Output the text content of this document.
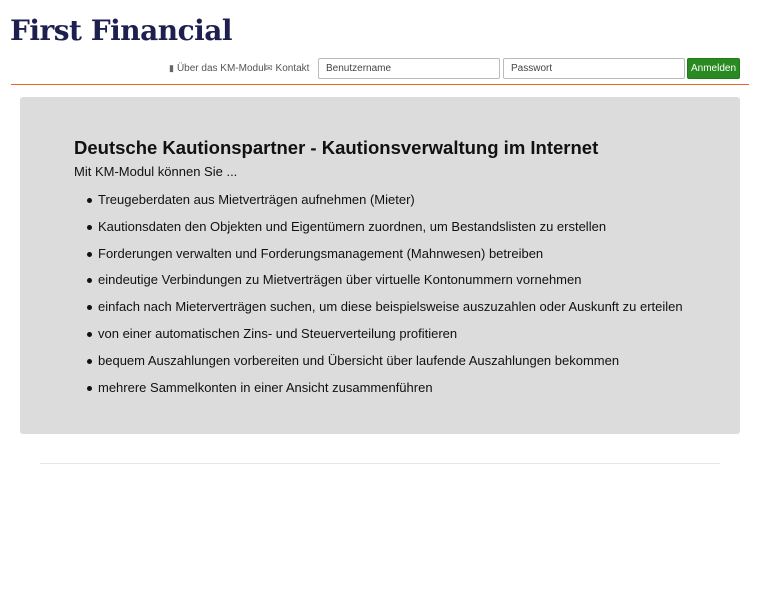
First Financial
▮ Über das KM-Modul ✉ Kontakt
Benutzername	Anmelden
Deutsche Kautionspartner - Kautionsverwaltung im Internet

Mit KM-Modul können Sie ...

Treugeberdaten aus Mietverträgen aufnehmen (Mieter)
Kautionsdaten den Objekten und Eigentümern zuordnen, um Bestandslisten zu erstellen
Forderungen verwalten und Forderungsmanagement (Mahnwesen) betreiben
eindeutige Verbindungen zu Mietverträgen über virtuelle Kontonummern vornehmen
einfach nach Mieterverträgen suchen, um diese beispielsweise auszuzahlen oder Auskunft zu erteilen
von einer automatischen Zins- und Steuerverteilung profitieren
bequem Auszahlungen vorbereiten und Übersicht über laufende Auszahlungen bekommen
mehrere Sammelkonten in einer Ansicht zusammenführen
